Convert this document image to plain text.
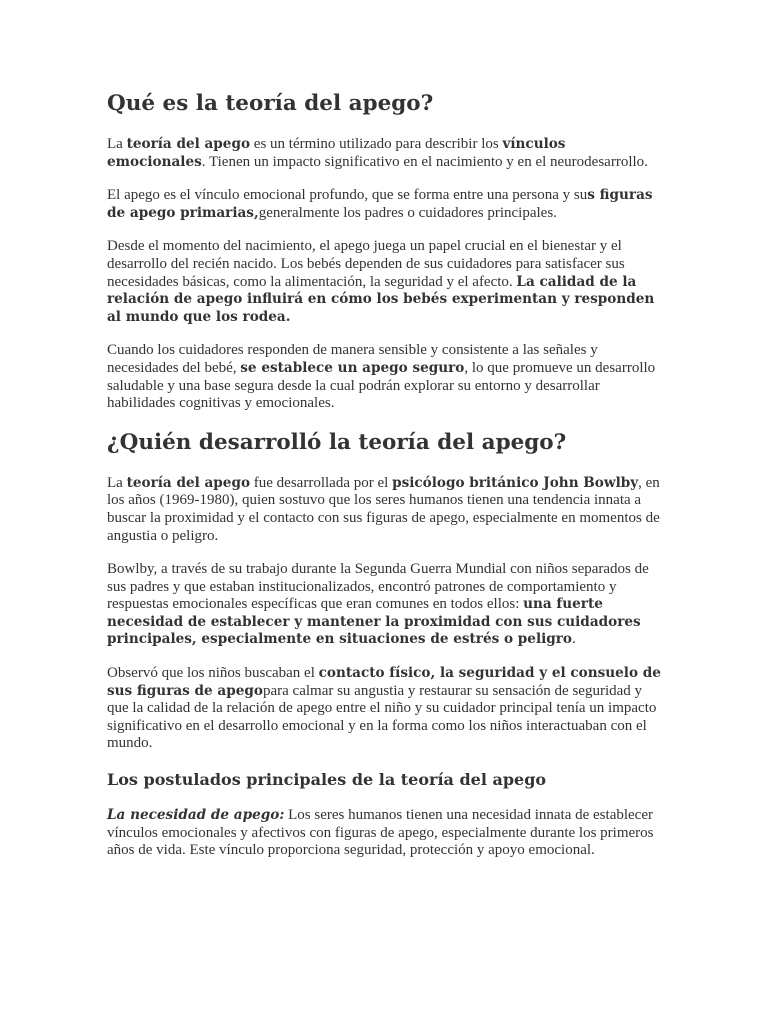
Qué es la teoría del apego?

La teoría del apego es un término utilizado para describir los vínculos emocionales. Tienen un impacto significativo en el nacimiento y en el neurodesarrollo.

El apego es el vínculo emocional profundo, que se forma entre una persona y sus figuras de apego primarias,generalmente los padres o cuidadores principales.

Desde el momento del nacimiento, el apego juega un papel crucial en el bienestar y el desarrollo del recién nacido. Los bebés dependen de sus cuidadores para satisfacer sus necesidades básicas, como la alimentación, la seguridad y el afecto. La calidad de la relación de apego influirá en cómo los bebés experimentan y responden al mundo que los rodea.

Cuando los cuidadores responden de manera sensible y consistente a las señales y necesidades del bebé, se establece un apego seguro, lo que promueve un desarrollo saludable y una base segura desde la cual podrán explorar su entorno y desarrollar habilidades cognitivas y emocionales.

¿Quién desarrolló la teoría del apego?

La teoría del apego fue desarrollada por el psicólogo británico John Bowlby, en los años (1969-1980), quien sostuvo que los seres humanos tienen una tendencia innata a buscar la proximidad y el contacto con sus figuras de apego, especialmente en momentos de angustia o peligro.

Bowlby, a través de su trabajo durante la Segunda Guerra Mundial con niños separados de sus padres y que estaban institucionalizados, encontró patrones de comportamiento y respuestas emocionales específicas que eran comunes en todos ellos: una fuerte necesidad de establecer y mantener la proximidad con sus cuidadores principales, especialmente en situaciones de estrés o peligro.

Observó que los niños buscaban el contacto físico, la seguridad y el consuelo de sus figuras de apegopara calmar su angustia y restaurar su sensación de seguridad y que la calidad de la relación de apego entre el niño y su cuidador principal tenía un impacto significativo en el desarrollo emocional y en la forma como los niños interactuaban con el mundo.

Los postulados principales de la teoría del apego

La necesidad de apego: Los seres humanos tienen una necesidad innata de establecer vínculos emocionales y afectivos con figuras de apego, especialmente durante los primeros años de vida. Este vínculo proporciona seguridad, protección y apoyo emocional.
